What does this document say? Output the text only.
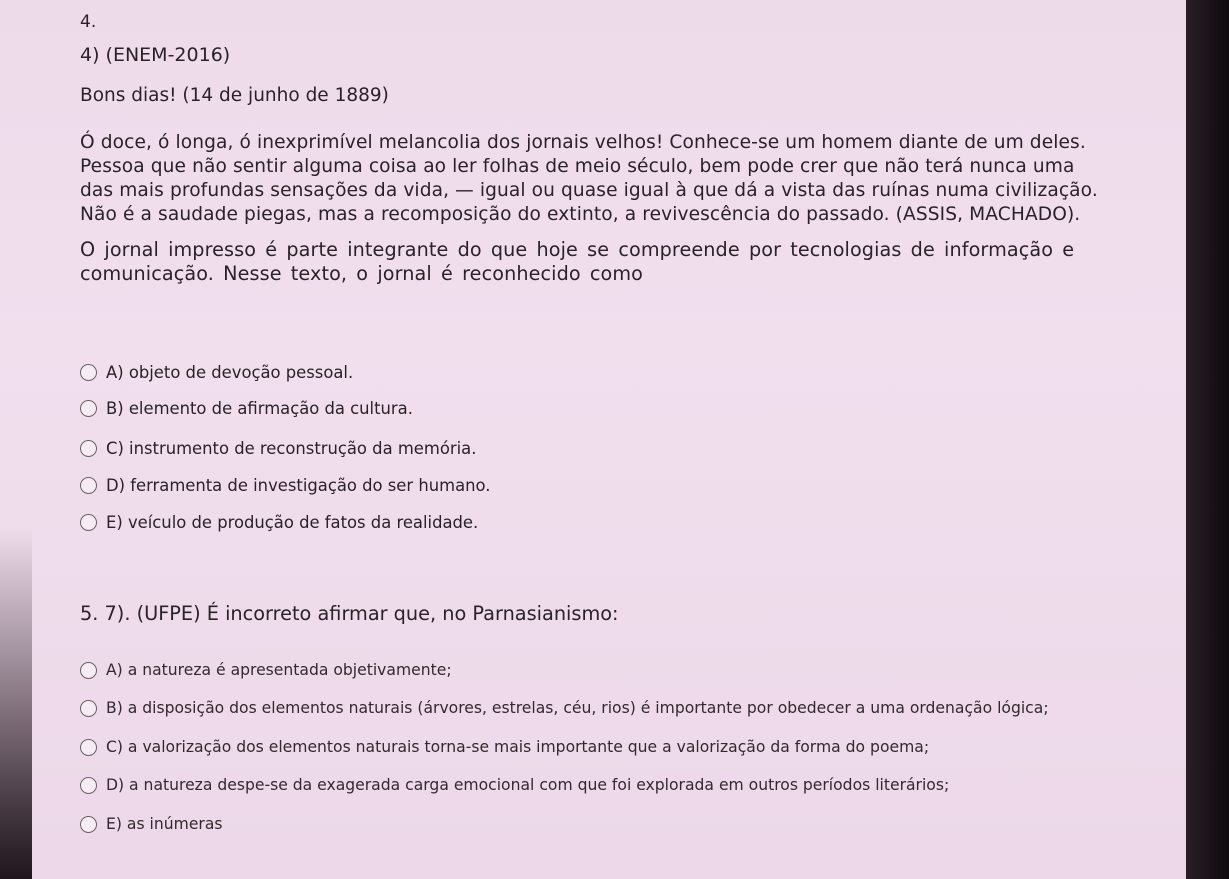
4.
4) (ENEM-2016)
Bons dias! (14 de junho de 1889)
Ó doce, ó longa, ó inexprimível melancolia dos jornais velhos! Conhece-se um homem diante de um deles.
Pessoa que não sentir alguma coisa ao ler folhas de meio século, bem pode crer que não terá nunca uma
das mais profundas sensações da vida, — igual ou quase igual à que dá a vista das ruínas numa civilização.
Não é a saudade piegas, mas a recomposição do extinto, a revivescência do passado. (ASSIS, MACHADO).
O jornal impresso é parte integrante do que hoje se compreende por tecnologias de informação e
comunicação. Nesse texto, o jornal é reconhecido como
A) objeto de devoção pessoal.
B) elemento de afirmação da cultura.
C) instrumento de reconstrução da memória.
D) ferramenta de investigação do ser humano.
E) veículo de produção de fatos da realidade.
5. 7). (UFPE) É incorreto afirmar que, no Parnasianismo:
A) a natureza é apresentada objetivamente;
B) a disposição dos elementos naturais (árvores, estrelas, céu, rios) é importante por obedecer a uma ordenação lógica;
C) a valorização dos elementos naturais torna-se mais importante que a valorização da forma do poema;
D) a natureza despe-se da exagerada carga emocional com que foi explorada em outros períodos literários;
E) as inúmeras
